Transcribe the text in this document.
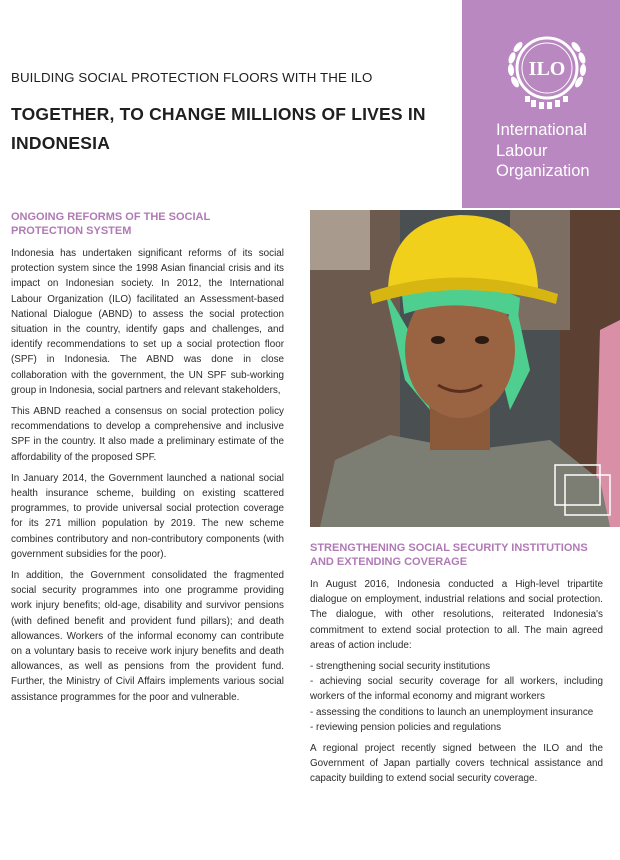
BUILDING SOCIAL PROTECTION FLOORS WITH THE ILO
TOGETHER, TO CHANGE MILLIONS OF LIVES IN INDONESIA
ILO
International
Labour
Organization
ONGOING REFORMS OF THE SOCIAL PROTECTION SYSTEM

Indonesia has undertaken significant reforms of its social protection system since the 1998 Asian financial crisis and its impact on Indonesian society. In 2012, the International Labour Organization (ILO) facilitated an Assessment-based National Dialogue (ABND) to assess the social protection situation in the country, identify gaps and challenges, and identify recommendations to set up a social protection floor (SPF) in Indonesia. The ABND was done in close collaboration with the government, the UN SPF sub-working group in Indonesia, social partners and relevant stakeholders,

This ABND reached a consensus on social protection policy recommendations to develop a comprehensive and inclusive SPF in the country. It also made a preliminary estimate of the affordability of the proposed SPF.

In January 2014, the Government launched a national social health insurance scheme, building on existing scattered programmes, to provide universal social protection coverage for its 271 million population by 2019. The new scheme combines contributory and non-contributory components (with government subsidies for the poor).

In addition, the Government consolidated the fragmented social security programmes into one programme providing work injury benefits; old-age, disability and survivor pensions (with defined benefit and provident fund pillars); and death allowances. Workers of the informal economy can contribute on a voluntary basis to receive work injury benefits and death allowances, as well as pensions from the provident fund. Further, the Ministry of Civil Affairs implements various social assistance programmes for the poor and vulnerable.

STRENGTHENING SOCIAL SECURITY INSTITUTIONS AND EXTENDING COVERAGE

In August 2016, Indonesia conducted a High-level tripartite dialogue on employment, industrial relations and social protection. The dialogue, with other resolutions, reiterated Indonesia's commitment to extend social protection to all. The main agreed areas of action include:

- strengthening social security institutions
- achieving social security coverage for all workers, including workers of the informal economy and migrant workers
- assessing the conditions to launch an unemployment insurance
- reviewing pension policies and regulations

A regional project recently signed between the ILO and the Government of Japan partially covers technical assistance and capacity building to extend social security coverage.
